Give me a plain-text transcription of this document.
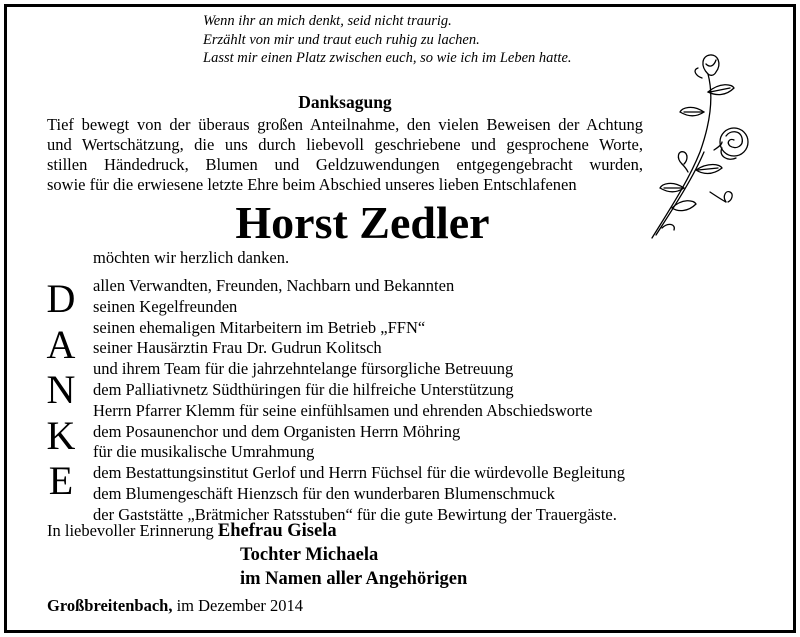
Wenn ihr an mich denkt, seid nicht traurig.
Erzählt von mir und traut euch ruhig zu lachen.
Lasst mir einen Platz zwischen euch, so wie ich im Leben hatte.
Danksagung
Tief bewegt von der überaus großen Anteilnahme, den vielen Beweisen der Achtung
und Wertschätzung, die uns durch liebevoll geschriebene und gesprochene Worte,
stillen Händedruck, Blumen und Geldzuwendungen entgegengebracht wurden,
sowie für die erwiesene letzte Ehre beim Abschied unseres lieben Entschlafenen
Horst Zedler
möchten wir herzlich danken.
D
A
N
K
E
allen Verwandten, Freunden, Nachbarn und Bekannten
seinen Kegelfreunden
seinen ehemaligen Mitarbeitern im Betrieb „FFN“
seiner Hausärztin Frau Dr. Gudrun Kolitsch
und ihrem Team für die jahrzehntelange fürsorgliche Betreuung
dem Palliativnetz Südthüringen für die hilfreiche Unterstützung
Herrn Pfarrer Klemm für seine einfühlsamen und ehrenden Abschiedsworte
dem Posaunenchor und dem Organisten Herrn Möhring
für die musikalische Umrahmung
dem Bestattungsinstitut Gerlof und Herrn Füchsel für die würdevolle Begleitung
dem Blumengeschäft Hienzsch für den wunderbaren Blumenschmuck
der Gaststätte „Brätmicher Ratsstuben“ für die gute Bewirtung der Trauergäste.
In liebevoller Erinnerung Ehefrau Gisela
Tochter Michaela
im Namen aller Angehörigen
Großbreitenbach, im Dezember 2014
